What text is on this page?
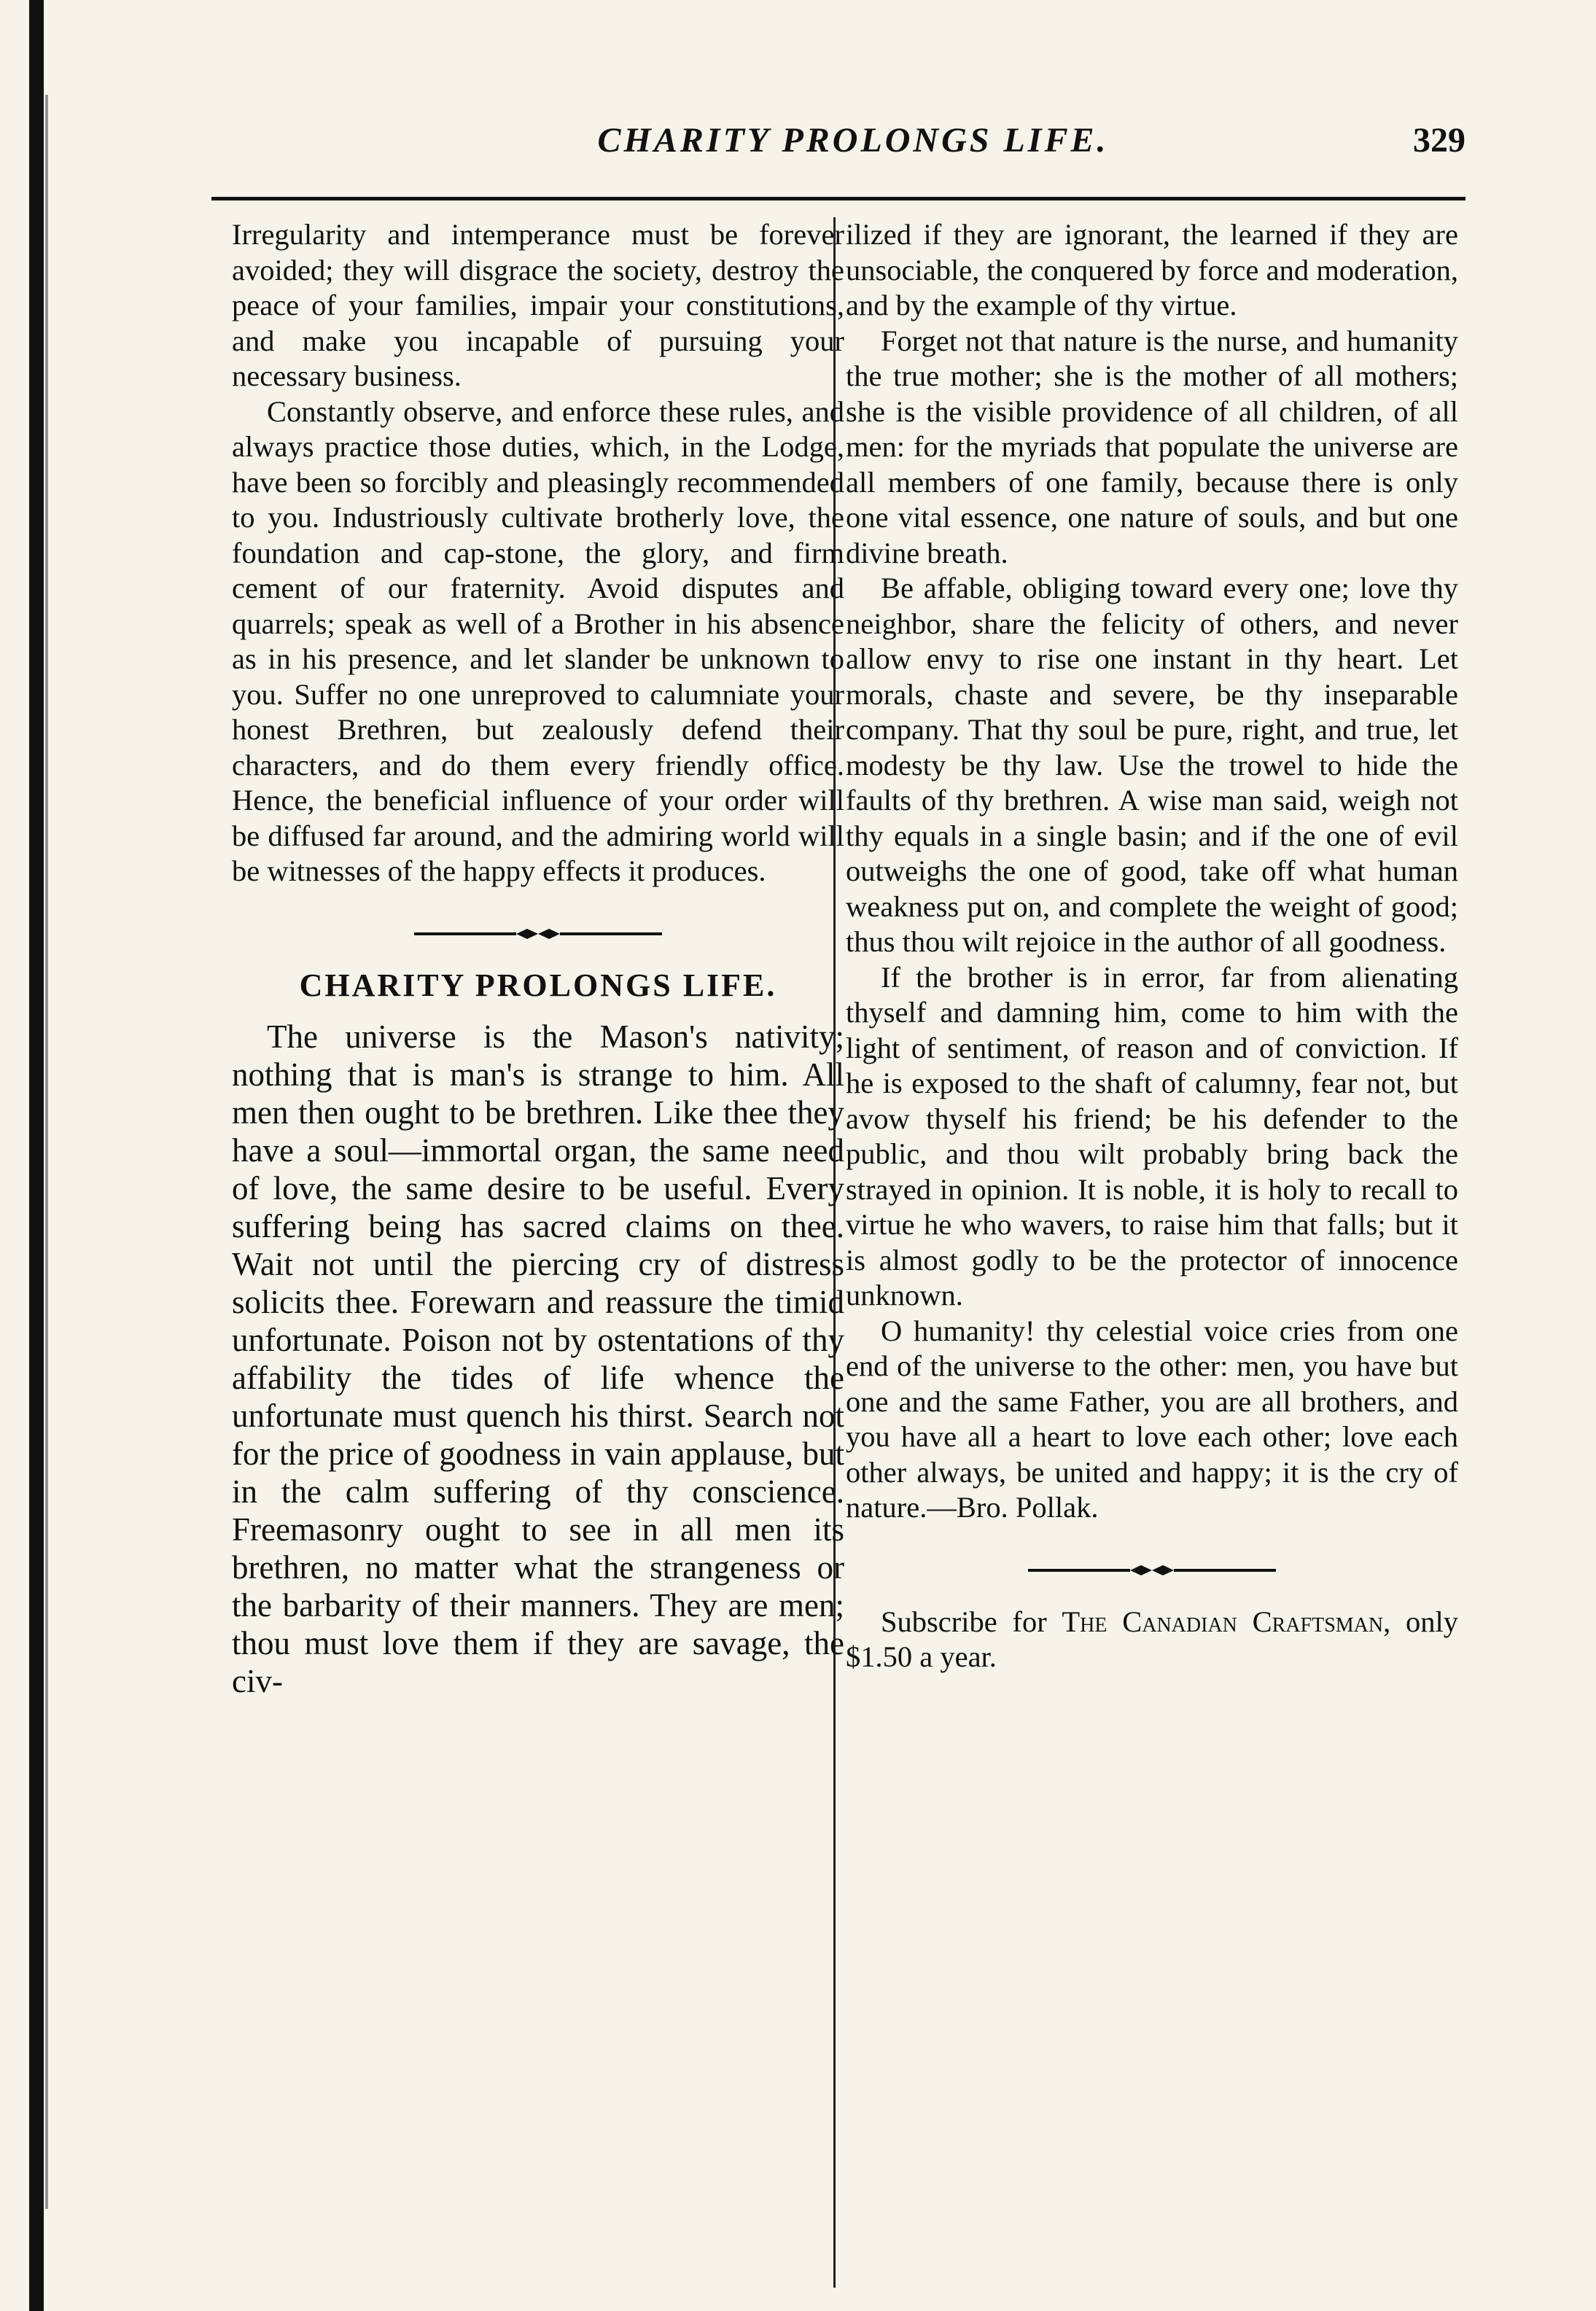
CHARITY PROLONGS LIFE.	329

Irregularity and intemperance must be forever avoided; they will disgrace the society, destroy the peace of your families, impair your constitutions, and make you incapable of pursuing your necessary business.

Constantly observe, and enforce these rules, and always practice those duties, which, in the Lodge, have been so forcibly and pleasingly recommended to you. Industriously cultivate brotherly love, the foundation and cap-stone, the glory, and firm cement of our fraternity. Avoid disputes and quarrels; speak as well of a Brother in his absence as in his presence, and let slander be unknown to you. Suffer no one unreproved to calumniate your honest Brethren, but zealously defend their characters, and do them every friendly office. Hence, the beneficial influence of your order will be diffused far around, and the admiring world will be witnesses of the happy effects it produces.

CHARITY PROLONGS LIFE.

The universe is the Mason's nativity; nothing that is man's is strange to him. All men then ought to be brethren. Like thee they have a soul—immortal organ, the same need of love, the same desire to be useful. Every suffering being has sacred claims on thee. Wait not until the piercing cry of distress solicits thee. Forewarn and reassure the timid unfortunate. Poison not by ostentations of thy affability the tides of life whence the unfortunate must quench his thirst. Search not for the price of goodness in vain applause, but in the calm suffering of thy conscience. Freemasonry ought to see in all men its brethren, no matter what the strangeness or the barbarity of their manners. They are men; thou must love them if they are savage, the civ-

ilized if they are ignorant, the learned if they are unsociable, the conquered by force and moderation, and by the example of thy virtue.

Forget not that nature is the nurse, and humanity the true mother; she is the mother of all mothers; she is the visible providence of all children, of all men: for the myriads that populate the universe are all members of one family, because there is only one vital essence, one nature of souls, and but one divine breath.

Be affable, obliging toward every one; love thy neighbor, share the felicity of others, and never allow envy to rise one instant in thy heart. Let morals, chaste and severe, be thy inseparable company. That thy soul be pure, right, and true, let modesty be thy law. Use the trowel to hide the faults of thy brethren. A wise man said, weigh not thy equals in a single basin; and if the one of evil outweighs the one of good, take off what human weakness put on, and complete the weight of good; thus thou wilt rejoice in the author of all goodness.

If the brother is in error, far from alienating thyself and damning him, come to him with the light of sentiment, of reason and of conviction. If he is exposed to the shaft of calumny, fear not, but avow thyself his friend; be his defender to the public, and thou wilt probably bring back the strayed in opinion. It is noble, it is holy to recall to virtue he who wavers, to raise him that falls; but it is almost godly to be the protector of innocence unknown.

O humanity! thy celestial voice cries from one end of the universe to the other: men, you have but one and the same Father, you are all brothers, and you have all a heart to love each other; love each other always, be united and happy; it is the cry of nature.—Bro. Pollak.

Subscribe for The Canadian Craftsman, only $1.50 a year.
